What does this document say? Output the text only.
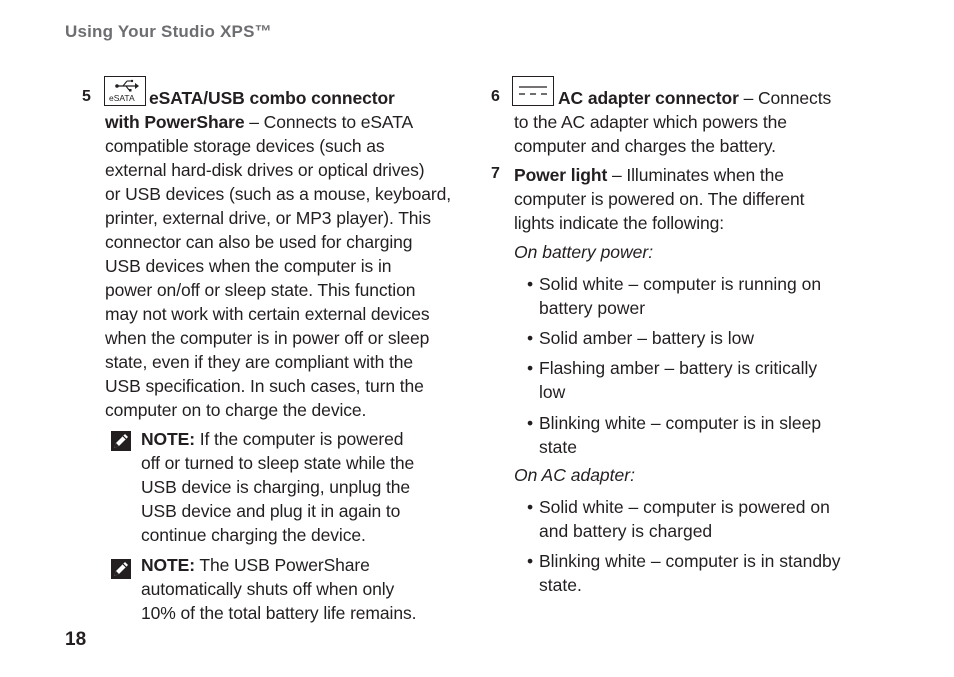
Using Your Studio XPS™
5 eSATA eSATA/USB combo connector
with PowerShare – Connects to eSATA
compatible storage devices (such as
external hard-disk drives or optical drives)
or USB devices (such as a mouse, keyboard,
printer, external drive, or MP3 player). This
connector can also be used for charging
USB devices when the computer is in
power on/off or sleep state. This function
may not work with certain external devices
when the computer is in power off or sleep
state, even if they are compliant with the
USB specification. In such cases, turn the
computer on to charge the device.
NOTE: If the computer is powered
off or turned to sleep state while the
USB device is charging, unplug the
USB device and plug it in again to
continue charging the device.
NOTE: The USB PowerShare
automatically shuts off when only
10% of the total battery life remains.
18
6	AC adapter connector – Connects
to the AC adapter which powers the
computer and charges the battery.
7 Power light – Illuminates when the
computer is powered on. The different
lights indicate the following:
On battery power:
• Solid white – computer is running on
battery power
• Solid amber – battery is low
• Flashing amber – battery is critically
low
• Blinking white – computer is in sleep
state
On AC adapter:
• Solid white – computer is powered on
and battery is charged
• Blinking white – computer is in standby
state.
